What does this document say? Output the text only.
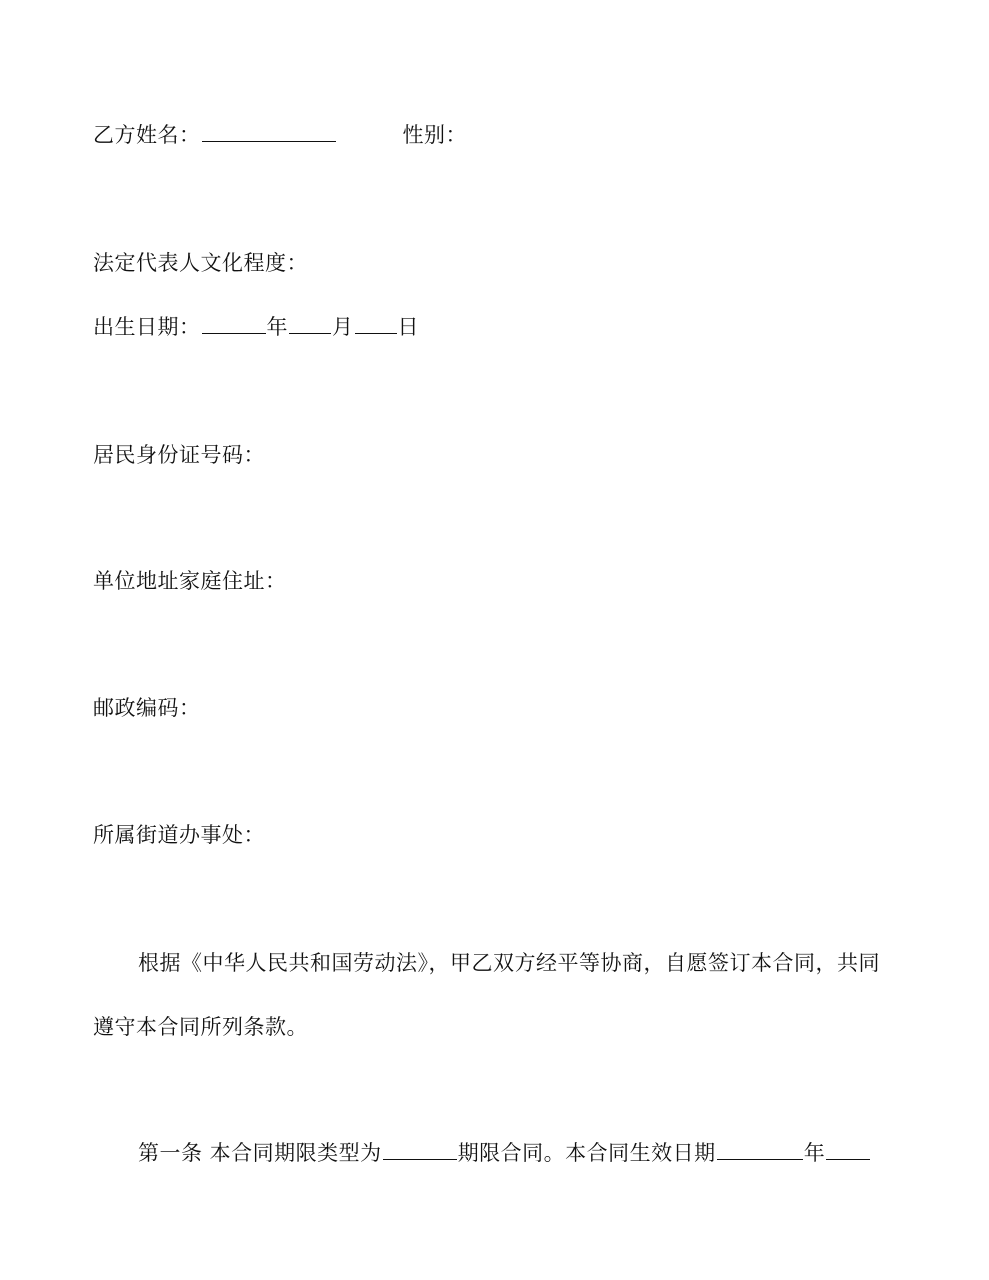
乙方姓名：	性别：
法定代表人文化程度：
出生日期：	年 月 日
居民身份证号码：
单位地址家庭住址：
邮政编码：
所属街道办事处：
根据《中华人民共和国劳动法》，甲乙双方经平等协商，自愿签订本合同，共同
遵守本合同所列条款。
第一条 本合同期限类型为	期限合同。本合同生效日期	年
